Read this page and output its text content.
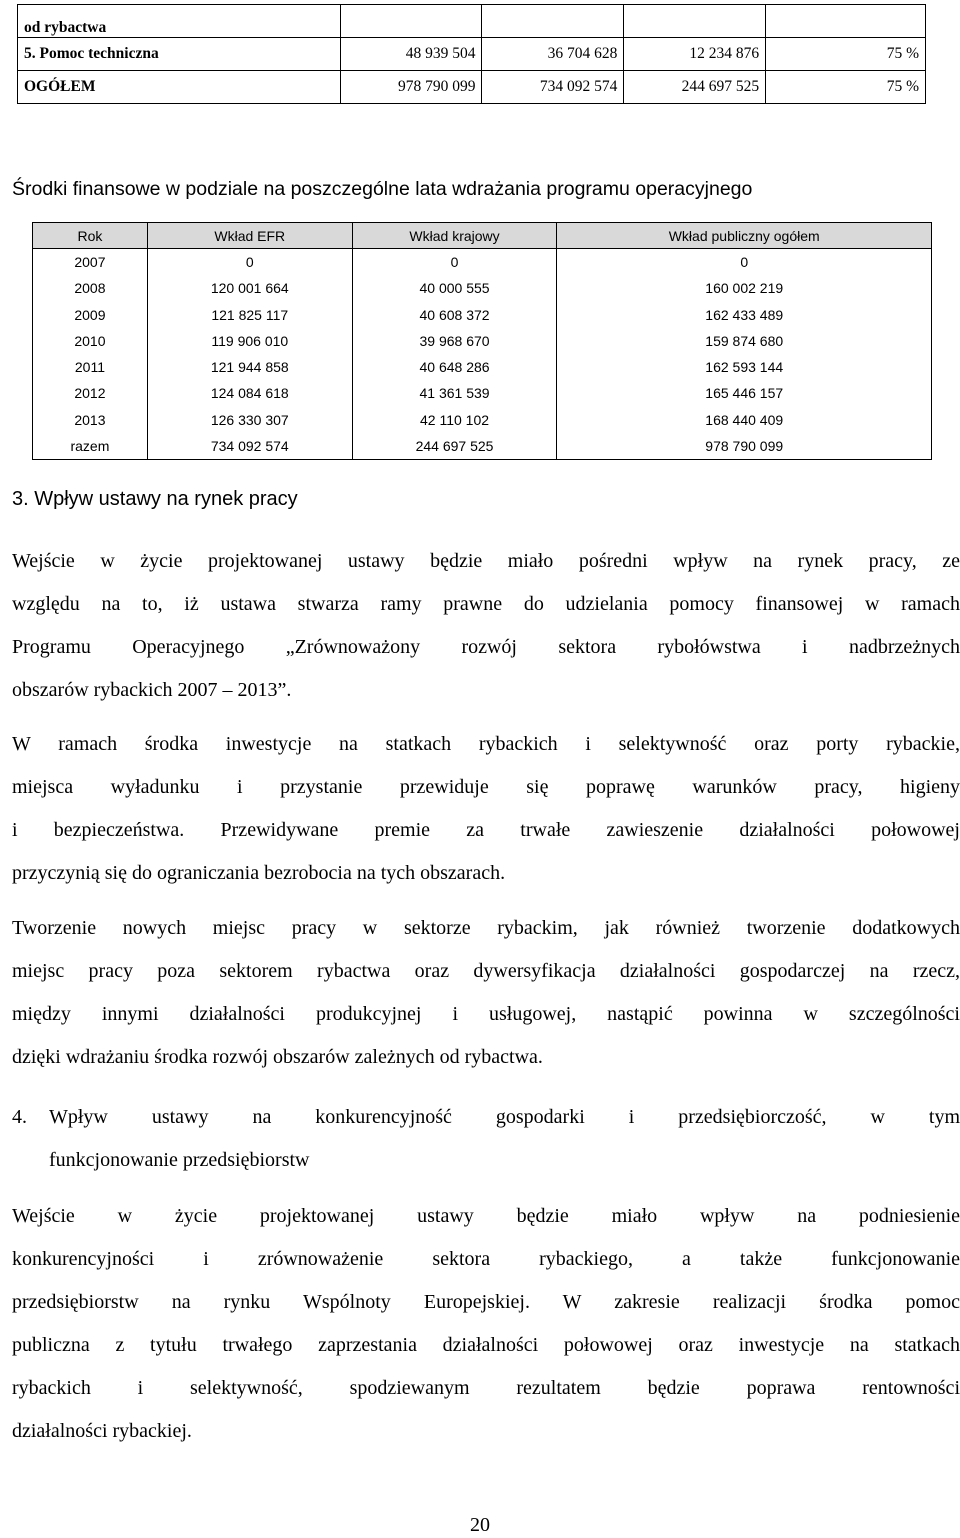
od rybactwa				
5. Pomoc techniczna	48 939 504	36 704 628	12 234 876	75 %
OGÓŁEM	978 790 099	734 092 574	244 697 525	75 %
Środki finansowe w podziale na poszczególne lata wdrażania programu operacyjnego
Rok	Wkład EFR	Wkład krajowy	Wkład publiczny ogółem
2007	0	0	0
2008	120 001 664	40 000 555	160 002 219
2009	121 825 117	40 608 372	162 433 489
2010	119 906 010	39 968 670	159 874 680
2011	121 944 858	40 648 286	162 593 144
2012	124 084 618	41 361 539	165 446 157
2013	126 330 307	42 110 102	168 440 409
razem	734 092 574	244 697 525	978 790 099
3. Wpływ ustawy na rynek pracy
Wejście w życie projektowanej ustawy będzie miało pośredni wpływ na rynek pracy, ze
względu na to, iż ustawa stwarza ramy prawne do udzielania pomocy finansowej w ramach
Programu Operacyjnego „Zrównoważony rozwój sektora rybołówstwa i nadbrzeżnych
obszarów rybackich 2007 – 2013”.
W ramach środka inwestycje na statkach rybackich i selektywność oraz porty rybackie,
miejsca wyładunku i przystanie przewiduje się poprawę warunków pracy, higieny
i bezpieczeństwa. Przewidywane premie za trwałe zawieszenie działalności połowowej
przyczynią się do ograniczania bezrobocia na tych obszarach.
Tworzenie nowych miejsc pracy w sektorze rybackim, jak również tworzenie dodatkowych
miejsc pracy poza sektorem rybactwa oraz dywersyfikacja działalności gospodarczej na rzecz,
między innymi działalności produkcyjnej i usługowej, nastąpić powinna w szczególności
dzięki wdrażaniu środka rozwój obszarów zależnych od rybactwa.
4. Wpływ ustawy na konkurencyjność gospodarki i przedsiębiorczość, w tym
funkcjonowanie przedsiębiorstw
Wejście w życie projektowanej ustawy będzie miało wpływ na podniesienie
konkurencyjności i zrównoważenie sektora rybackiego, a także funkcjonowanie
przedsiębiorstw na rynku Wspólnoty Europejskiej. W zakresie realizacji środka pomoc
publiczna z tytułu trwałego zaprzestania działalności połowowej oraz inwestycje na statkach
rybackich i selektywność, spodziewanym rezultatem będzie poprawa rentowności
działalności rybackiej.
20
